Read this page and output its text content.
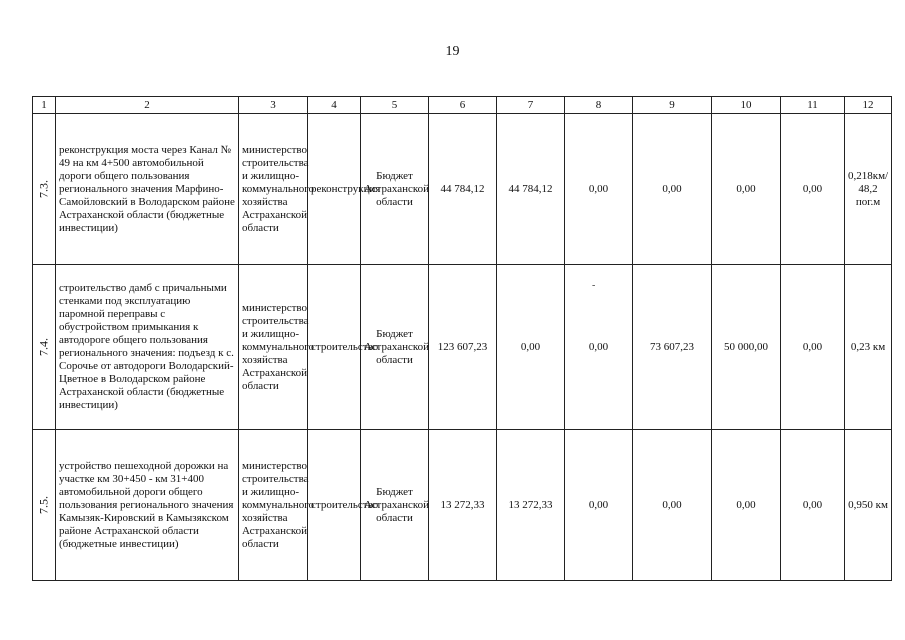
19
1	2	3	4	5	6	7	8	9	10	11	12

7.3.	реконструкция моста через Канал № 49 на км 4+500 автомобильной дороги общего пользования регионального значения Марфино-Самойловский в Володарском районе Астраханской области (бюджетные инвестиции)	министерство строительства и жилищно-коммунального хозяйства Астраханской области	реконструкция	Бюджет Астраханской области	44 784,12	44 784,12	0,00	0,00	0,00	0,00	0,218км/ 48,2 пог.м

7.4.	строительство дамб с причальными стенками под эксплуатацию паромной переправы с обустройством примыкания к автодороге общего пользования регионального значения: подъезд к с. Сорочье от автодороги Володарский-Цветное в Володарском районе Астраханской области (бюджетные инвестиции)	министерство строительства и жилищно-коммунального хозяйства Астраханской области	строительство	Бюджет Астраханской области	123 607,23	0,00	0,00	73 607,23	50 000,00	0,00	0,23 км

7.5.	устройство пешеходной дорожки на участке км 30+450 - км 31+400 автомобильной дороги общего пользования регионального значения Камызяк-Кировский в Камызякском районе Астраханской области (бюджетные инвестиции)	министерство строительства и жилищно-коммунального хозяйства Астраханской области	строительство	Бюджет Астраханской области	13 272,33	13 272,33	0,00	0,00	0,00	0,00	0,950 км
-
